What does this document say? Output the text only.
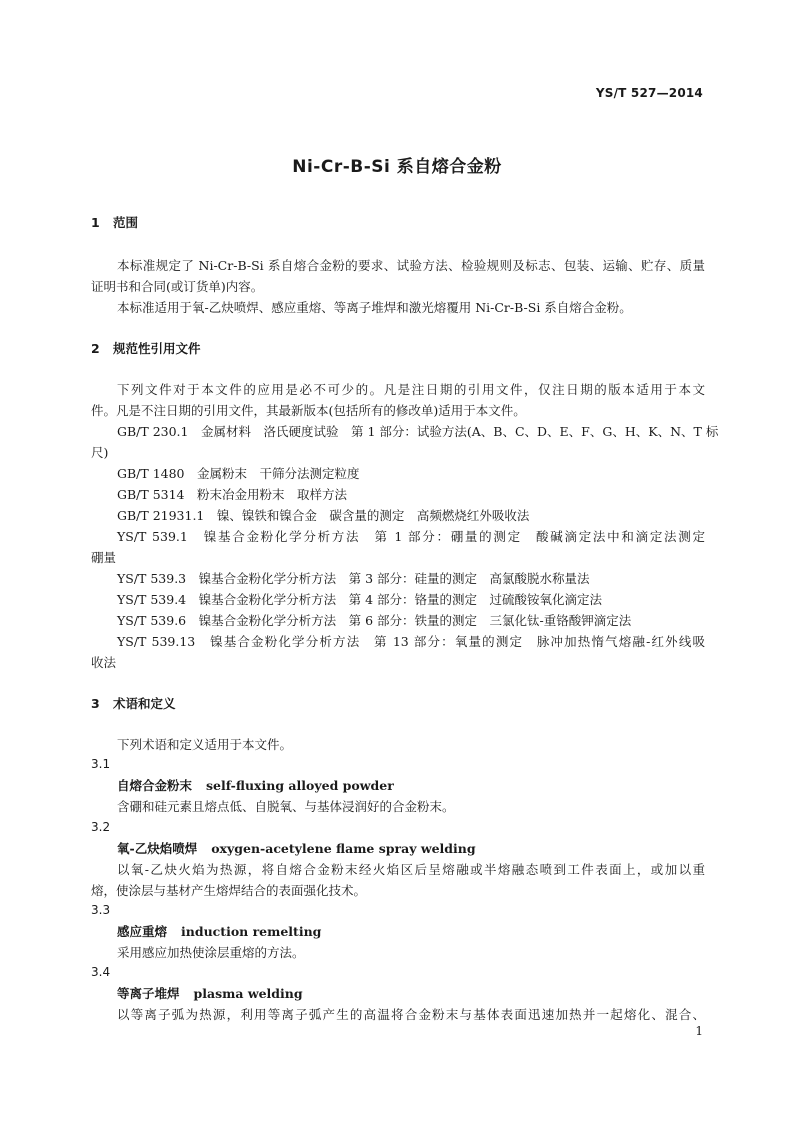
YS/T 527—2014
Ni-Cr-B-Si 系自熔合金粉
1 范围
本标准规定了 Ni-Cr-B-Si 系自熔合金粉的要求、试验方法、检验规则及标志、包装、运输、贮存、质量
证明书和合同(或订货单)内容。
本标准适用于氧-乙炔喷焊、感应重熔、等离子堆焊和激光熔覆用 Ni-Cr-B-Si 系自熔合金粉。
2 规范性引用文件
下列文件对于本文件的应用是必不可少的。凡是注日期的引用文件，仅注日期的版本适用于本文
件。凡是不注日期的引用文件，其最新版本(包括所有的修改单)适用于本文件。
GB/T 230.1　金属材料　洛氏硬度试验　第 1 部分：试验方法(A、B、C、D、E、F、G、H、K、N、T 标
尺)
GB/T 1480　金属粉末　干筛分法测定粒度
GB/T 5314　粉末冶金用粉末　取样方法
GB/T 21931.1　镍、镍铁和镍合金　碳含量的测定　高频燃烧红外吸收法
YS/T 539.1　镍基合金粉化学分析方法　第 1 部分：硼量的测定　酸碱滴定法中和滴定法测定
硼量
YS/T 539.3　镍基合金粉化学分析方法　第 3 部分：硅量的测定　高氯酸脱水称量法
YS/T 539.4　镍基合金粉化学分析方法　第 4 部分：铬量的测定　过硫酸铵氧化滴定法
YS/T 539.6　镍基合金粉化学分析方法　第 6 部分：铁量的测定　三氯化钛-重铬酸钾滴定法
YS/T 539.13　镍基合金粉化学分析方法　第 13 部分：氧量的测定　脉冲加热惰气熔融-红外线吸
收法
3 术语和定义
下列术语和定义适用于本文件。
3.1
自熔合金粉末 self-fluxing alloyed powder
含硼和硅元素且熔点低、自脱氧、与基体浸润好的合金粉末。
3.2
氧-乙炔焰喷焊 oxygen-acetylene flame spray welding
以氧-乙炔火焰为热源，将自熔合金粉末经火焰区后呈熔融或半熔融态喷到工件表面上，或加以重
熔，使涂层与基材产生熔焊结合的表面强化技术。
3.3
感应重熔 induction remelting
采用感应加热使涂层重熔的方法。
3.4
等离子堆焊 plasma welding
以等离子弧为热源，利用等离子弧产生的高温将合金粉末与基体表面迅速加热并一起熔化、混合、
1
